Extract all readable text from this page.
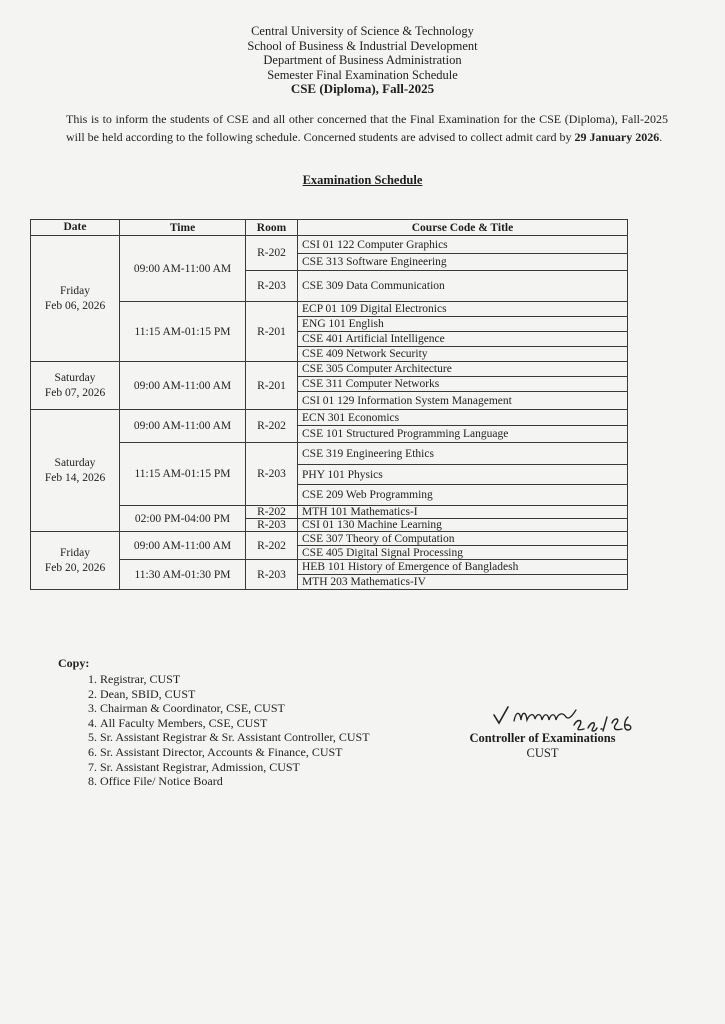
Central University of Science & Technology
School of Business & Industrial Development
Department of Business Administration
Semester Final Examination Schedule
CSE (Diploma), Fall-2025
This is to inform the students of CSE and all other concerned that the Final Examination for the CSE (Diploma), Fall-2025 will be held according to the following schedule. Concerned students are advised to collect admit card by 29 January 2026.
Examination Schedule
Date	Time	Room	Course Code & Title

Friday
Feb 06, 2026	09:00 AM-11:00 AM	R-202	CSI 01 122 Computer Graphics
			CSE 313 Software Engineering
		R-203	CSE 309 Data Communication
	11:15 AM-01:15 PM	R-201	ECP 01 109 Digital Electronics
			ENG 101 English
			CSE 401 Artificial Intelligence
			CSE 409 Network Security

Saturday
Feb 07, 2026	09:00 AM-11:00 AM	R-201	CSE 305 Computer Architecture
			CSE 311 Computer Networks
			CSI 01 129 Information System Management

Saturday
Feb 14, 2026	09:00 AM-11:00 AM	R-202	ECN 301 Economics
			CSE 101 Structured Programming Language
	11:15 AM-01:15 PM	R-203	CSE 319 Engineering Ethics
			PHY 101 Physics
			CSE 209 Web Programming
	02:00 PM-04:00 PM	R-202	MTH 101 Mathematics-I
		R-203	CSI 01 130 Machine Learning

Friday
Feb 20, 2026	09:00 AM-11:00 AM	R-202	CSE 307 Theory of Computation
			CSE 405 Digital Signal Processing
	11:30 AM-01:30 PM	R-203	HEB 101 History of Emergence of Bangladesh
			MTH 203 Mathematics-IV
Copy:
1. Registrar, CUST
2. Dean, SBID, CUST
3. Chairman & Coordinator, CSE, CUST
4. All Faculty Members, CSE, CUST
5. Sr. Assistant Registrar & Sr. Assistant Controller, CUST
6. Sr. Assistant Director, Accounts & Finance, CUST
7. Sr. Assistant Registrar, Admission, CUST
8. Office File/ Notice Board
Controller of Examinations
CUST
